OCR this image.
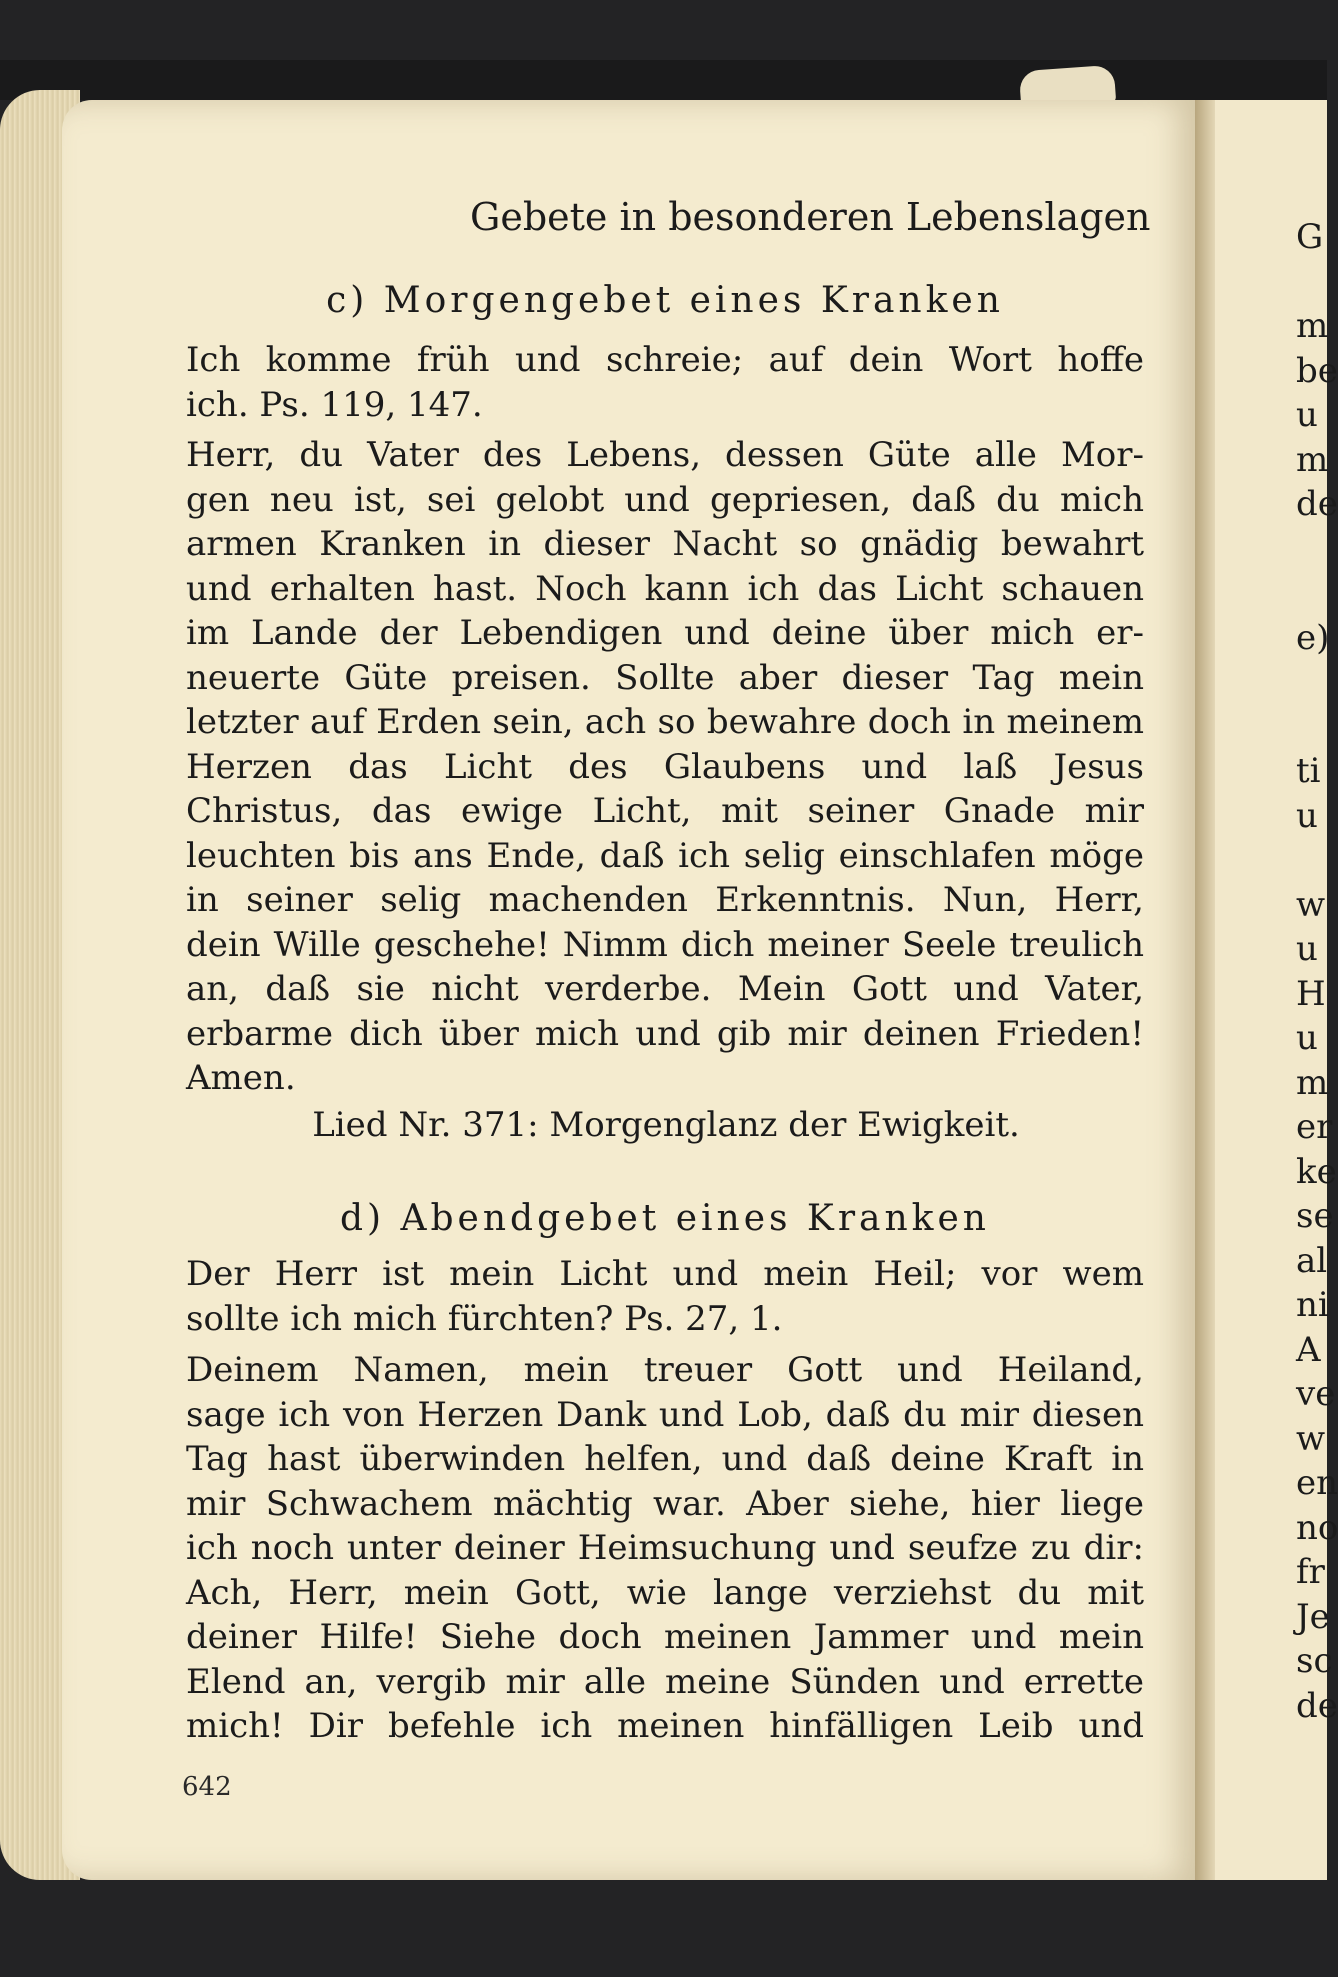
Gebete in besonderen Lebenslagen
c) Morgengebet eines Kranken
Ich komme früh und schreie; auf dein Wort hoffe
ich. Ps. 119, 147.
Herr, du Vater des Lebens, dessen Güte alle Mor-
gen neu ist, sei gelobt und gepriesen, daß du mich
armen Kranken in dieser Nacht so gnädig bewahrt
und erhalten hast. Noch kann ich das Licht schauen
im Lande der Lebendigen und deine über mich er-
neuerte Güte preisen. Sollte aber dieser Tag mein
letzter auf Erden sein, ach so bewahre doch in meinem
Herzen das Licht des Glaubens und laß Jesus
Christus, das ewige Licht, mit seiner Gnade mir
leuchten bis ans Ende, daß ich selig einschlafen möge
in seiner selig machenden Erkenntnis. Nun, Herr,
dein Wille geschehe! Nimm dich meiner Seele treulich
an, daß sie nicht verderbe. Mein Gott und Vater,
erbarme dich über mich und gib mir deinen Frieden!
Amen.
Lied Nr. 371: Morgenglanz der Ewigkeit.
d) Abendgebet eines Kranken
Der Herr ist mein Licht und mein Heil; vor wem
sollte ich mich fürchten? Ps. 27, 1.
Deinem Namen, mein treuer Gott und Heiland,
sage ich von Herzen Dank und Lob, daß du mir diesen
Tag hast überwinden helfen, und daß deine Kraft in
mir Schwachem mächtig war. Aber siehe, hier liege
ich noch unter deiner Heimsuchung und seufze zu dir:
Ach, Herr, mein Gott, wie lange verziehst du mit
deiner Hilfe! Siehe doch meinen Jammer und mein
Elend an, vergib mir alle meine Sünden und errette
mich! Dir befehle ich meinen hinfälligen Leib und
642
G

m
be
u
m
de

e)

ti
u

w
u
H
u
m
er
ke
se
al
ni
A
ve
w
en
no
fr
Je
sc
de
